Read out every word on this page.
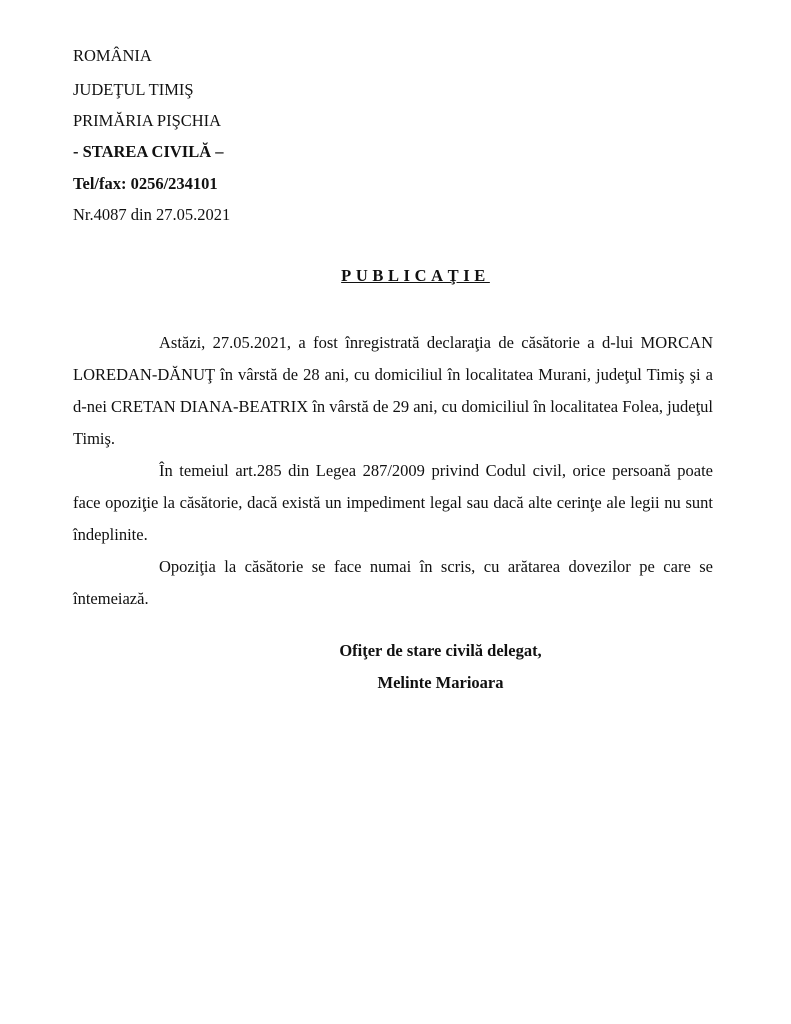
ROMÂNIA
JUDEŢUL TIMIŞ
PRIMĂRIA PIŞCHIA
- STAREA CIVILĂ –
Tel/fax: 0256/234101
Nr.4087 din 27.05.2021
PUBLICAŢIE

Astăzi, 27.05.2021, a fost înregistrată declaraţia de căsătorie a d-lui MORCAN LOREDAN-DĂNUŢ în vârstă de 28 ani, cu domiciliul în localitatea Murani, judeţul Timiş şi a d-nei CRETAN DIANA-BEATRIX în vârstă de 29 ani, cu domiciliul în localitatea Folea, judeţul Timiş.

În temeiul art.285 din Legea 287/2009 privind Codul civil, orice persoană poate face opoziţie la căsătorie, dacă există un impediment legal sau dacă alte cerinţe ale legii nu sunt îndeplinite.

Opoziţia la căsătorie se face numai în scris, cu arătarea dovezilor pe care se întemeiază.

Ofiţer de stare civilă delegat,
Melinte Marioara
